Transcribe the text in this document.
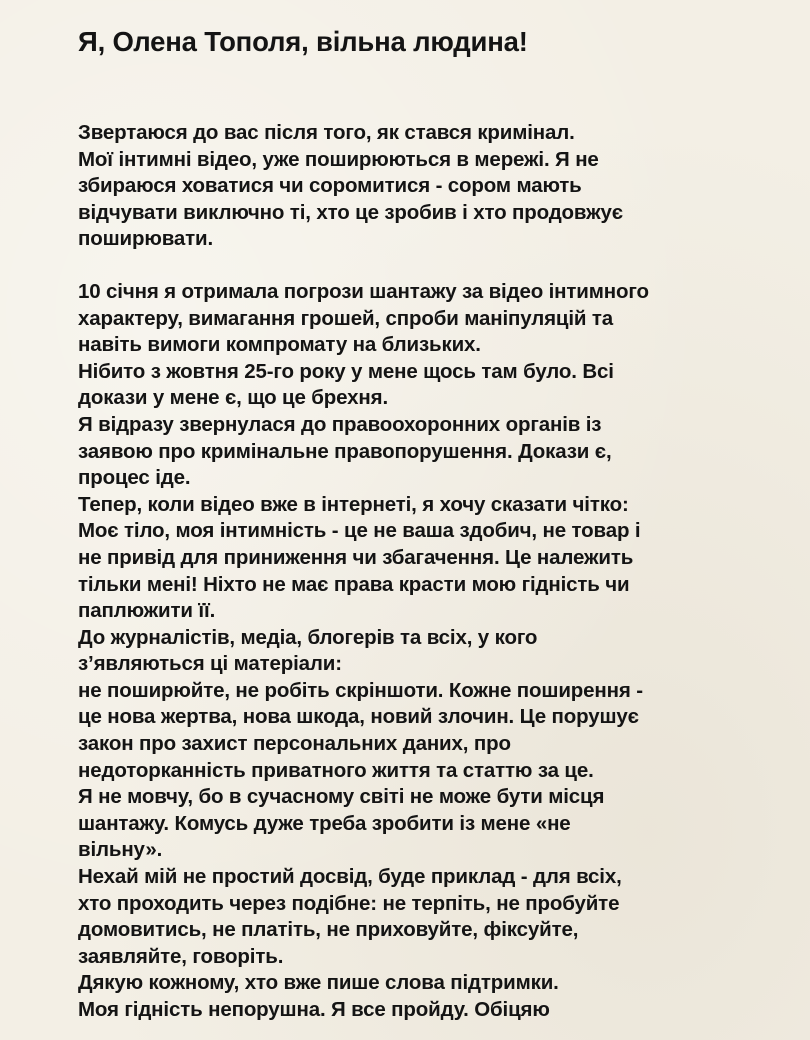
Я, Олена Тополя, вільна людина!
Звертаюся до вас після того, як стався кримінал.
Мої інтимні відео, уже поширюються в мережі. Я не
збираюся ховатися чи соромитися - сором мають
відчувати виключно ті, хто це зробив і хто продовжує
поширювати.
10 січня я отримала погрози шантажу за відео інтимного
характеру, вимагання грошей, спроби маніпуляцій та
навіть вимоги компромату на близьких.
Нібито з жовтня 25-го року у мене щось там було. Всі
докази у мене є, що це брехня.
Я відразу звернулася до правоохоронних органів із
заявою про кримінальне правопорушення. Докази є,
процес іде.
Тепер, коли відео вже в інтернеті, я хочу сказати чітко:
Моє тіло, моя інтимність - це не ваша здобич, не товар і
не привід для приниження чи збагачення. Це належить
тільки мені! Ніхто не має права красти мою гідність чи
паплюжити її.
До журналістів, медіа, блогерів та всіх, у кого
з’являються ці матеріали:
не поширюйте, не робіть скріншоти. Кожне поширення -
це нова жертва, нова шкода, новий злочин. Це порушує
закон про захист персональних даних, про
недоторканність приватного життя та статтю за це.
Я не мовчу, бо в сучасному світі не може бути місця
шантажу. Комусь дуже треба зробити із мене «не
вільну».
Нехай мій не простий досвід, буде приклад - для всіх,
хто проходить через подібне: не терпіть, не пробуйте
домовитись, не платіть, не приховуйте, фіксуйте,
заявляйте, говоріть.
Дякую кожному, хто вже пише слова підтримки.
Моя гідність непорушна. Я все пройду. Обіцяю
